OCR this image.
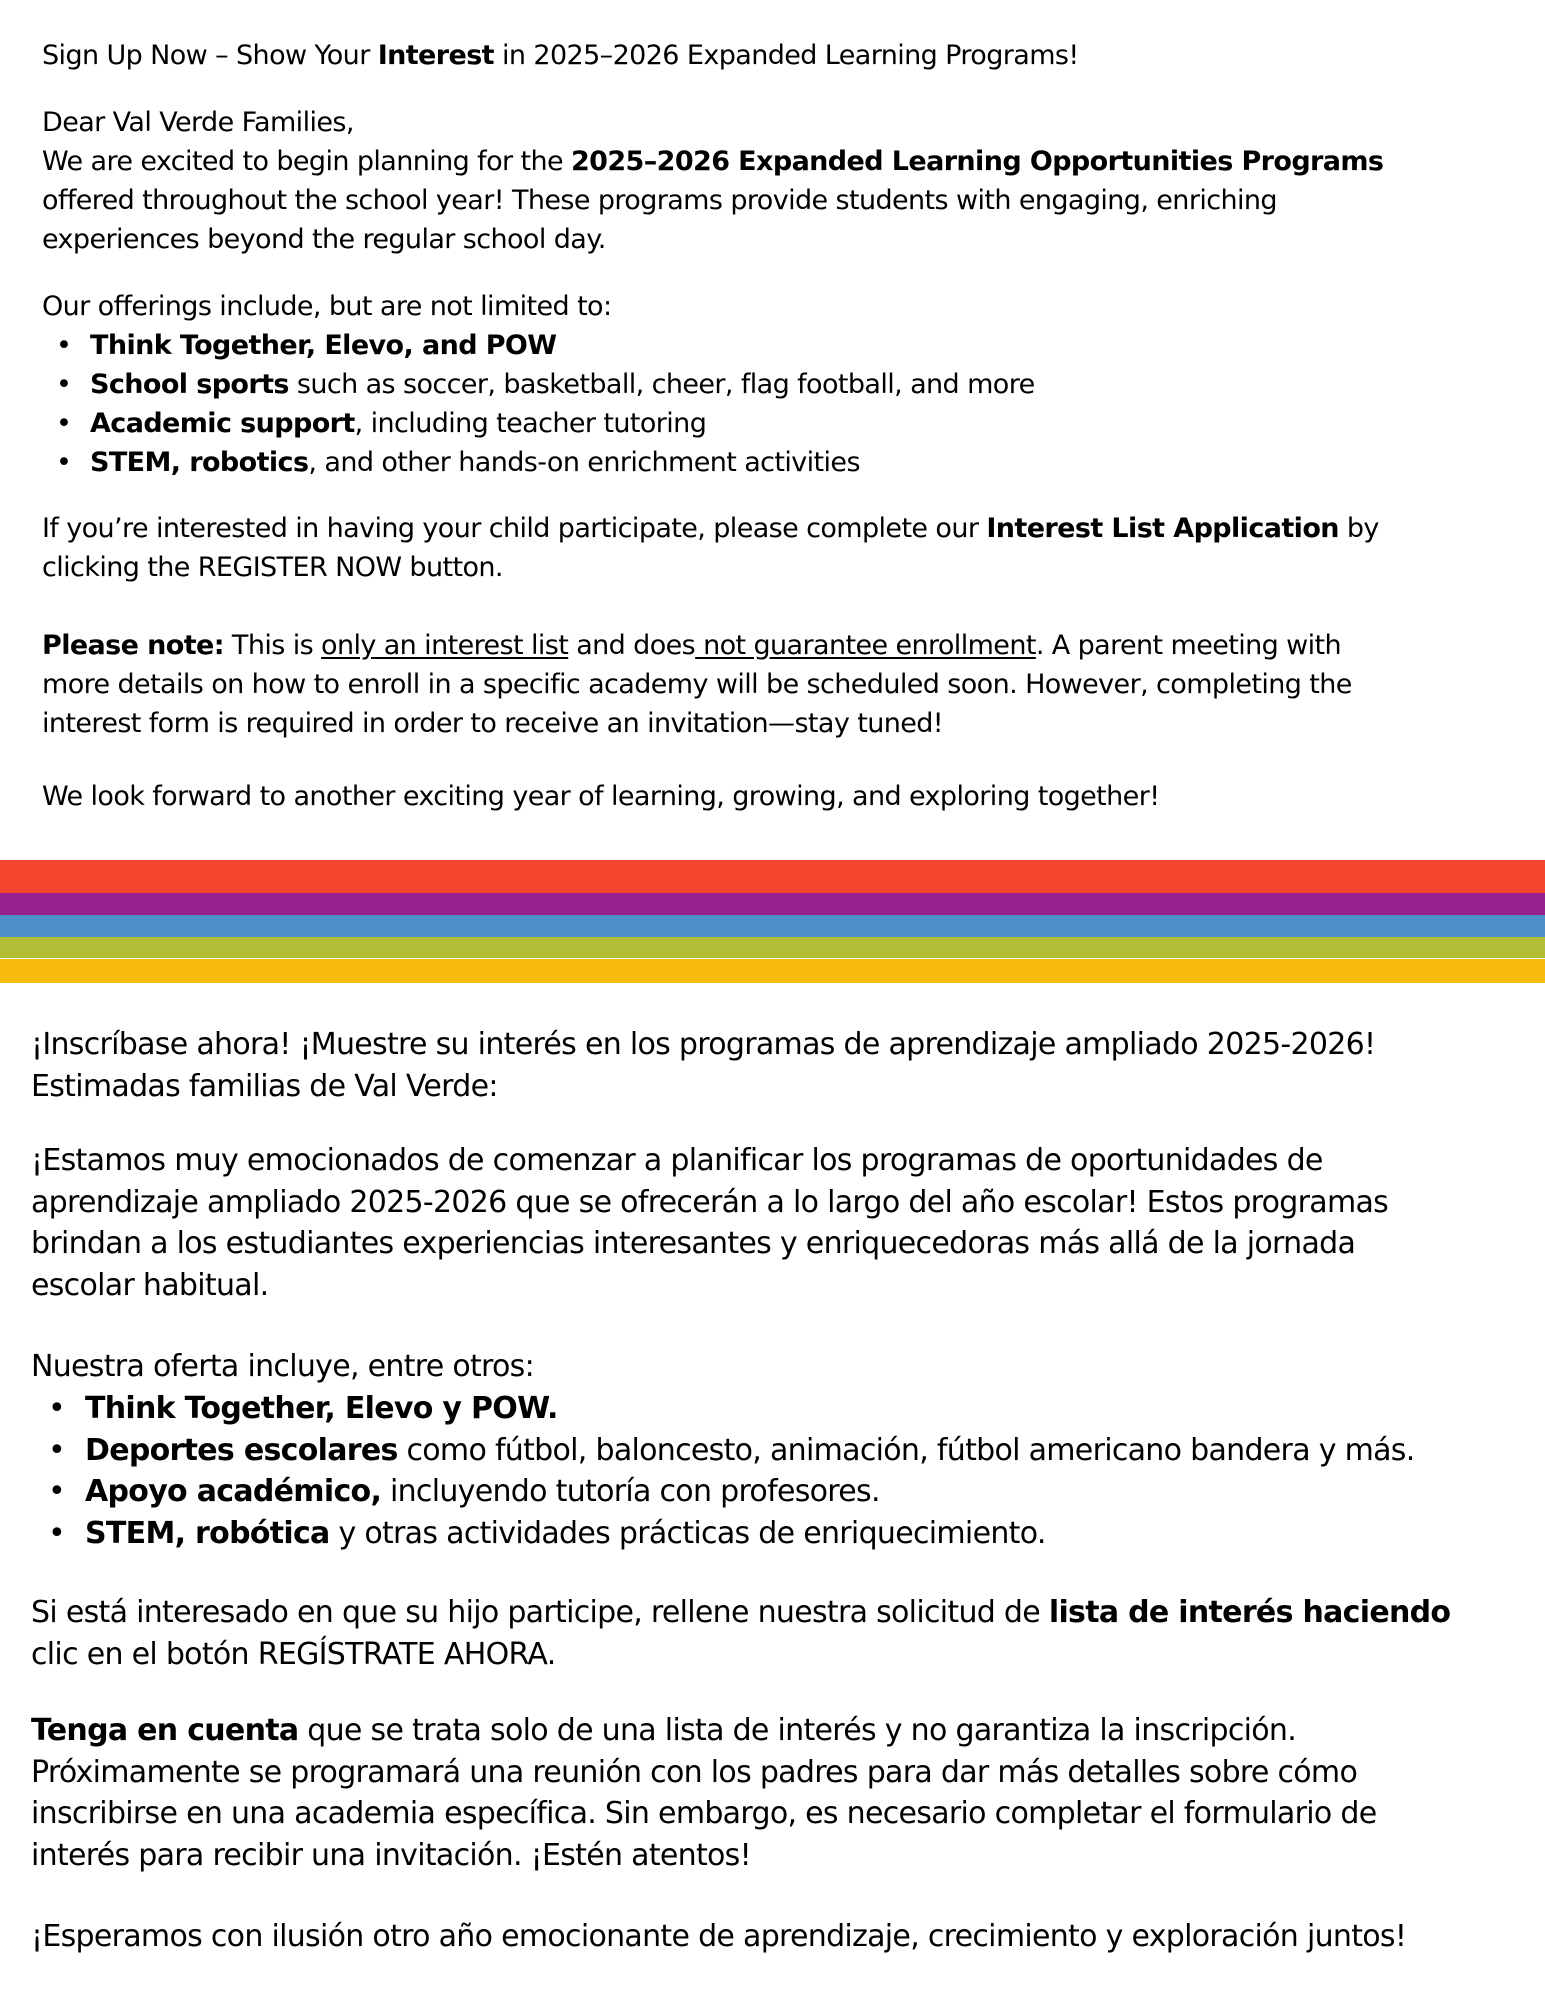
Sign Up Now – Show Your Interest in 2025–2026 Expanded Learning Programs!
Dear Val Verde Families,
We are excited to begin planning for the 2025–2026 Expanded Learning Opportunities Programs
offered throughout the school year! These programs provide students with engaging, enriching
experiences beyond the regular school day.
Our offerings include, but are not limited to:
• Think Together, Elevo, and POW
• School sports such as soccer, basketball, cheer, flag football, and more
• Academic support, including teacher tutoring
• STEM, robotics, and other hands-on enrichment activities
If you’re interested in having your child participate, please complete our Interest List Application by
clicking the REGISTER NOW button.
Please note: This is only an interest list and does not guarantee enrollment. A parent meeting with
more details on how to enroll in a specific academy will be scheduled soon. However, completing the
interest form is required in order to receive an invitation—stay tuned!
We look forward to another exciting year of learning, growing, and exploring together!
¡Inscríbase ahora! ¡Muestre su interés en los programas de aprendizaje ampliado 2025-2026!
Estimadas familias de Val Verde:
¡Estamos muy emocionados de comenzar a planificar los programas de oportunidades de
aprendizaje ampliado 2025-2026 que se ofrecerán a lo largo del año escolar! Estos programas
brindan a los estudiantes experiencias interesantes y enriquecedoras más allá de la jornada
escolar habitual.
Nuestra oferta incluye, entre otros:
• Think Together, Elevo y POW.
• Deportes escolares como fútbol, baloncesto, animación, fútbol americano bandera y más.
• Apoyo académico, incluyendo tutoría con profesores.
• STEM, robótica y otras actividades prácticas de enriquecimiento.
Si está interesado en que su hijo participe, rellene nuestra solicitud de lista de interés haciendo
clic en el botón REGÍSTRATE AHORA.
Tenga en cuenta que se trata solo de una lista de interés y no garantiza la inscripción.
Próximamente se programará una reunión con los padres para dar más detalles sobre cómo
inscribirse en una academia específica. Sin embargo, es necesario completar el formulario de
interés para recibir una invitación. ¡Estén atentos!
¡Esperamos con ilusión otro año emocionante de aprendizaje, crecimiento y exploración juntos!
